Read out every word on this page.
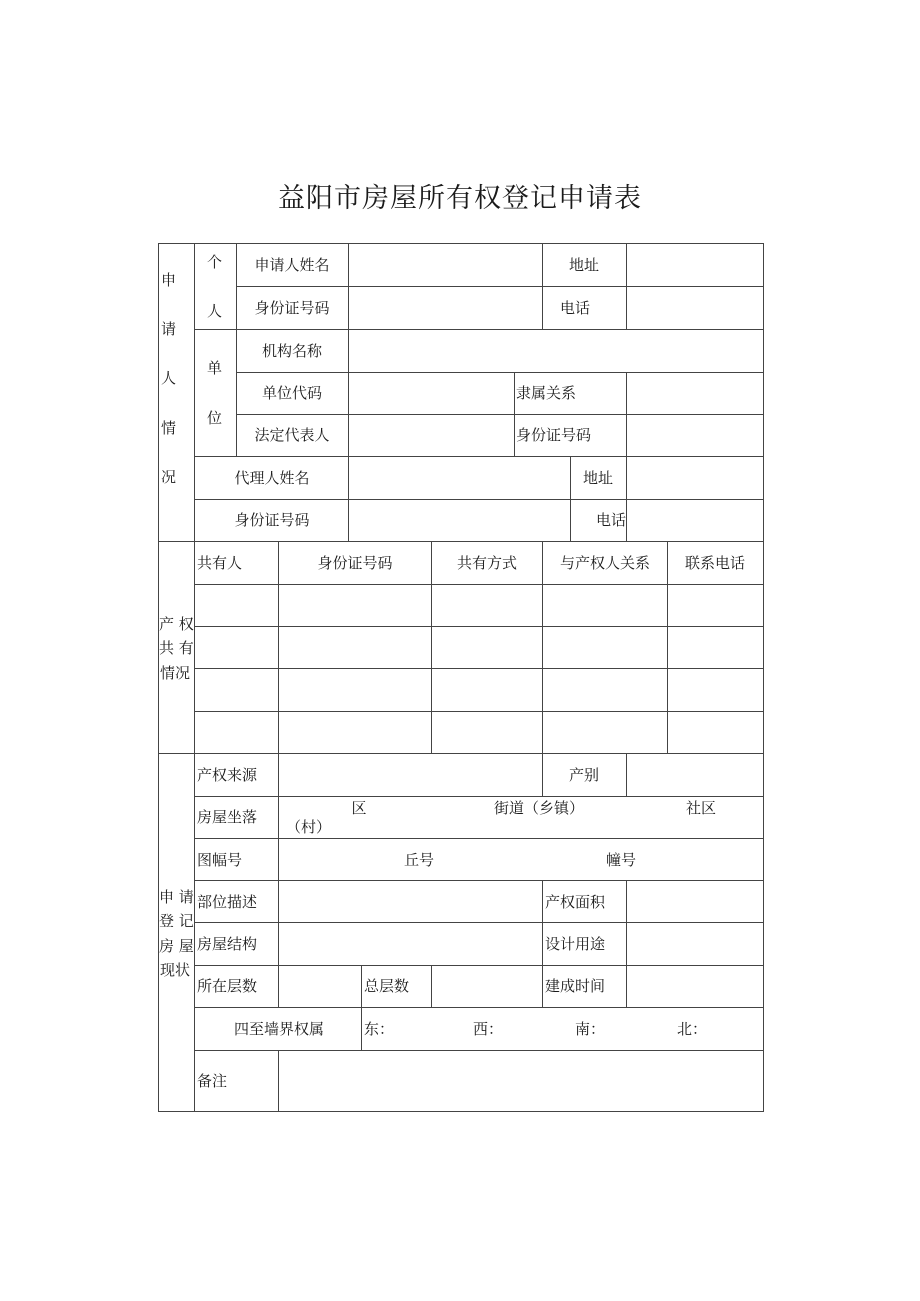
益阳市房屋所有权登记申请表
申
请
人
情
况
个
人
单
位
申请人姓名	地址
身份证号码	电话
机构名称
单位代码	隶属关系
法定代表人	身份证号码
代理人姓名	地址
身份证号码	电话
产 权
共 有
情况
共有人	身份证号码	共有方式	与产权人关系 联系电话
申 请
登 记
房 屋
现状
产权来源	产别
房屋坐落	区	街道（乡镇）	社区
（村）
图幅号	丘号	幢号
部位描述	产权面积
房屋结构	设计用途
所在层数	总层数	建成时间
四至墙界权属	东：	西：	南：	北：
备注
